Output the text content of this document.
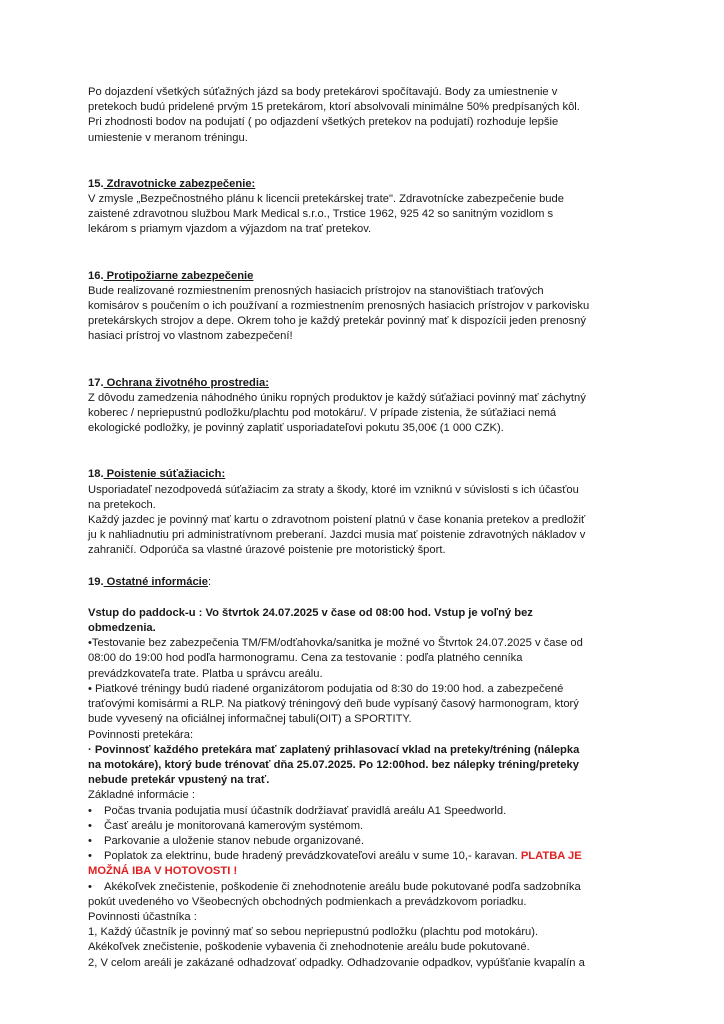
Po dojazdení všetkých súťažných jázd sa body pretekárovi spočítavajú. Body za umiestnenie v

pretekoch budú pridelené prvým 15 pretekárom, ktorí absolvovali minimálne 50% predpísaných kôl.

Pri zhodnosti bodov na podujatí ( po odjazdení všetkých pretekov na podujatí) rozhoduje lepšie

umiestenie v meranom tréningu.

15. Zdravotnicke zabezpečenie:

V zmysle „Bezpečnostného plánu k licencii pretekárskej trate". Zdravotnícke zabezpečenie bude

zaistené zdravotnou službou Mark Medical s.r.o., Trstice 1962, 925 42 so sanitným vozidlom s

lekárom s priamym vjazdom a výjazdom na trať pretekov.

16. Protipožiarne zabezpečenie

Bude realizované rozmiestnením prenosných hasiacich prístrojov na stanovištiach traťových

komisárov s poučením o ich používaní a rozmiestnením prenosných hasiacich prístrojov v parkovisku

pretekárskych strojov a depe. Okrem toho je každý pretekár povinný mať k dispozícii jeden prenosný

hasiaci prístroj vo vlastnom zabezpečení!

17. Ochrana životného prostredia:

Z dôvodu zamedzenia náhodného úniku ropných produktov je každý súťažiaci povinný mať záchytný

koberec / nepriepustnú podložku/plachtu pod motokáru/. V prípade zistenia, že súťažiaci nemá

ekologické podložky, je povinný zaplatiť usporiadateľovi pokutu 35,00€ (1 000 CZK).

18. Poistenie súťažiacich:

Usporiadateľ nezodpovedá súťažiacim za straty a škody, ktoré im vzniknú v súvislosti s ich účasťou

na pretekoch.

Každý jazdec je povinný mať kartu o zdravotnom poistení platnú v čase konania pretekov a predložiť

ju k nahliadnutiu pri administratívnom preberaní. Jazdci musia mať poistenie zdravotných nákladov v

zahraničí. Odporúča sa vlastné úrazové poistenie pre motoristický šport.

19. Ostatné informácie:

Vstup do paddock-u : Vo štvrtok 24.07.2025 v čase od 08:00 hod. Vstup je voľný bez

obmedzenia.

•Testovanie bez zabezpečenia TM/FM/odťahovka/sanitka je možné vo Štvrtok 24.07.2025 v čase od

08:00 do 19:00 hod podľa harmonogramu. Cena za testovanie : podľa platného cenníka

prevádzkovateľa trate. Platba u správcu areálu.

• Piatkové tréningy budú riadené organizátorom podujatia od 8:30 do 19:00 hod. a zabezpečené

traťovými komisármi a RLP. Na piatkový tréningový deň bude vypísaný časový harmonogram, ktorý

bude vyvesený na oficiálnej informačnej tabuli(OIT) a SPORTITY.

Povinnosti pretekára:

· Povinnosť každého pretekára mať zaplatený prihlasovací vklad na preteky/tréning (nálepka

na motokáre), ktorý bude trénovať dňa 25.07.2025. Po 12:00hod. bez nálepky tréning/preteky

nebude pretekár vpustený na trať.

Základné informácie :

•	Počas trvania podujatia musí účastník dodržiavať pravidlá areálu A1 Speedworld.
•	Časť areálu je monitorovaná kamerovým systémom.
•	Parkovanie a uloženie stanov nebude organizované.
•	Poplatok za elektrinu, bude hradený prevádzkovateľovi areálu v sume 10,- karavan. PLATBA JE

MOŽNÁ IBA V HOTOVOSTI !

•	Akékoľvek znečistenie, poškodenie či znehodnotenie areálu bude pokutované podľa sadzobníka

pokút uvedeného vo Všeobecných obchodných podmienkach a prevádzkovom poriadku.

Povinnosti účastníka :

1, Každý účastník je povinný mať so sebou nepriepustnú podložku (plachtu pod motokáru).

Akékoľvek znečistenie, poškodenie vybavenia či znehodnotenie areálu bude pokutované.

2, V celom areáli je zakázané odhadzovať odpadky. Odhadzovanie odpadkov, vypúšťanie kvapalín a
